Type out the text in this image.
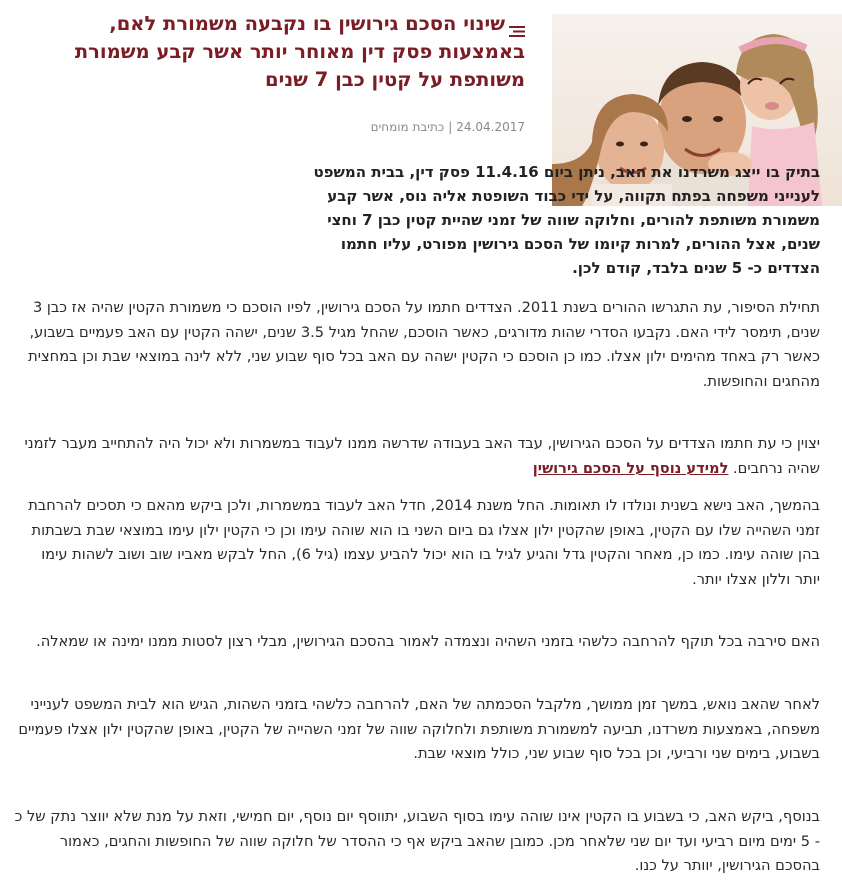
שינוי הסכם גירושין בו נקבעה משמורת לאם, באמצעות פסק דין מאוחר יותר אשר קבע משמורת משותפת על קטין כבן 7 שנים
24.04.2017|כתיבת מומחים

בתיק בו ייצג משרדנו את האב, ניתן ביום 11.4.16 פסק דין, בבית המשפט לענייני משפחה בפתח תקווה, על ידי כבוד השופטת אליה נוס, אשר קבע משמורת משותפת להורים, וחלוקה שווה של זמני שהיית קטין כבן 7 וחצי שנים, אצל ההורים, למרות קיומו של הסכם גירושין מפורט, עליו חתמו הצדדים כ- 5 שנים בלבד, קודם לכן.

תחילת הסיפור, עת התגרשו ההורים בשנת 2011. הצדדים חתמו על הסכם גירושין, לפיו הוסכם כי משמורת הקטין שהיה אז כבן 3 שנים, תימסר לידי האם. נקבעו הסדרי שהות מדורגים, כאשר הוסכם, שהחל מגיל 3.5 שנים, ישהה הקטין עם האב פעמיים בשבוע, כאשר רק באחד מהימים ילון אצלו. כמו כן הוסכם כי הקטין ישהה עם האב בכל סוף שבוע שני, ללא לינה במוצאי שבת וכן במחצית מהחגים והחופשות.

יצוין כי עת חתמו הצדדים על הסכם הגירושין, עבד האב בעבודה שדרשה ממנו לעבוד במשמרות ולא יכול היה להתחייב מעבר לזמני שהיה נרחבים. למידע נוסף על הסכם גירושין

בהמשך, האב נישא בשנית ונולדו לו תאומות. החל משנת 2014, חדל האב לעבוד במשמרות, ולכן ביקש מהאם כי תסכים להרחבת זמני השהייה שלו עם הקטין, באופן שהקטין ילון אצלו גם ביום השני בו הוא שוהה עימו וכן כי הקטין ילון עימו במוצאי שבת בשבתות בהן שוהה עימו. כמו כן, מאחר והקטין גדל והגיע לגיל בו הוא יכול להביע עצמו (גיל 6), החל לבקש מאביו שוב ושוב לשהות עימו יותר וללון אצלו יותר.

האם סירבה בכל תוקף להרחבה כלשהי בזמני השהיה ונצמדה לאמור בהסכם הגירושין, מבלי רצון לסטות ממנו ימינה או שמאלה.

לאחר שהאב נואש, במשך זמן ממושך, מלקבל הסכמתה של האם, להרחבה כלשהי בזמני השהות, הגיש הוא לבית המשפט לענייני משפחה, באמצעות משרדנו, תביעה למשמורת משותפת ולחלוקה שווה של זמני השהייה של הקטין, באופן שהקטין ילון אצלו פעמיים בשבוע, בימים שני ורביעי, וכן בכל סוף שבוע שני, כולל מוצאי שבת.

בנוסף, ביקש האב, כי בשבוע בו הקטין אינו שוהה עימו בסוף השבוע, יתווסף יום נוסף, יום חמישי, וזאת על מנת שלא יווצר נתק של כ - 5 ימים מיום רביעי ועד יום שני שלאחר מכן. כמובן שהאב ביקש אף כי ההסדר של חלוקה שווה של החופשות והחגים, כאמור בהסכם הגירושין, יוותר על כנו.
